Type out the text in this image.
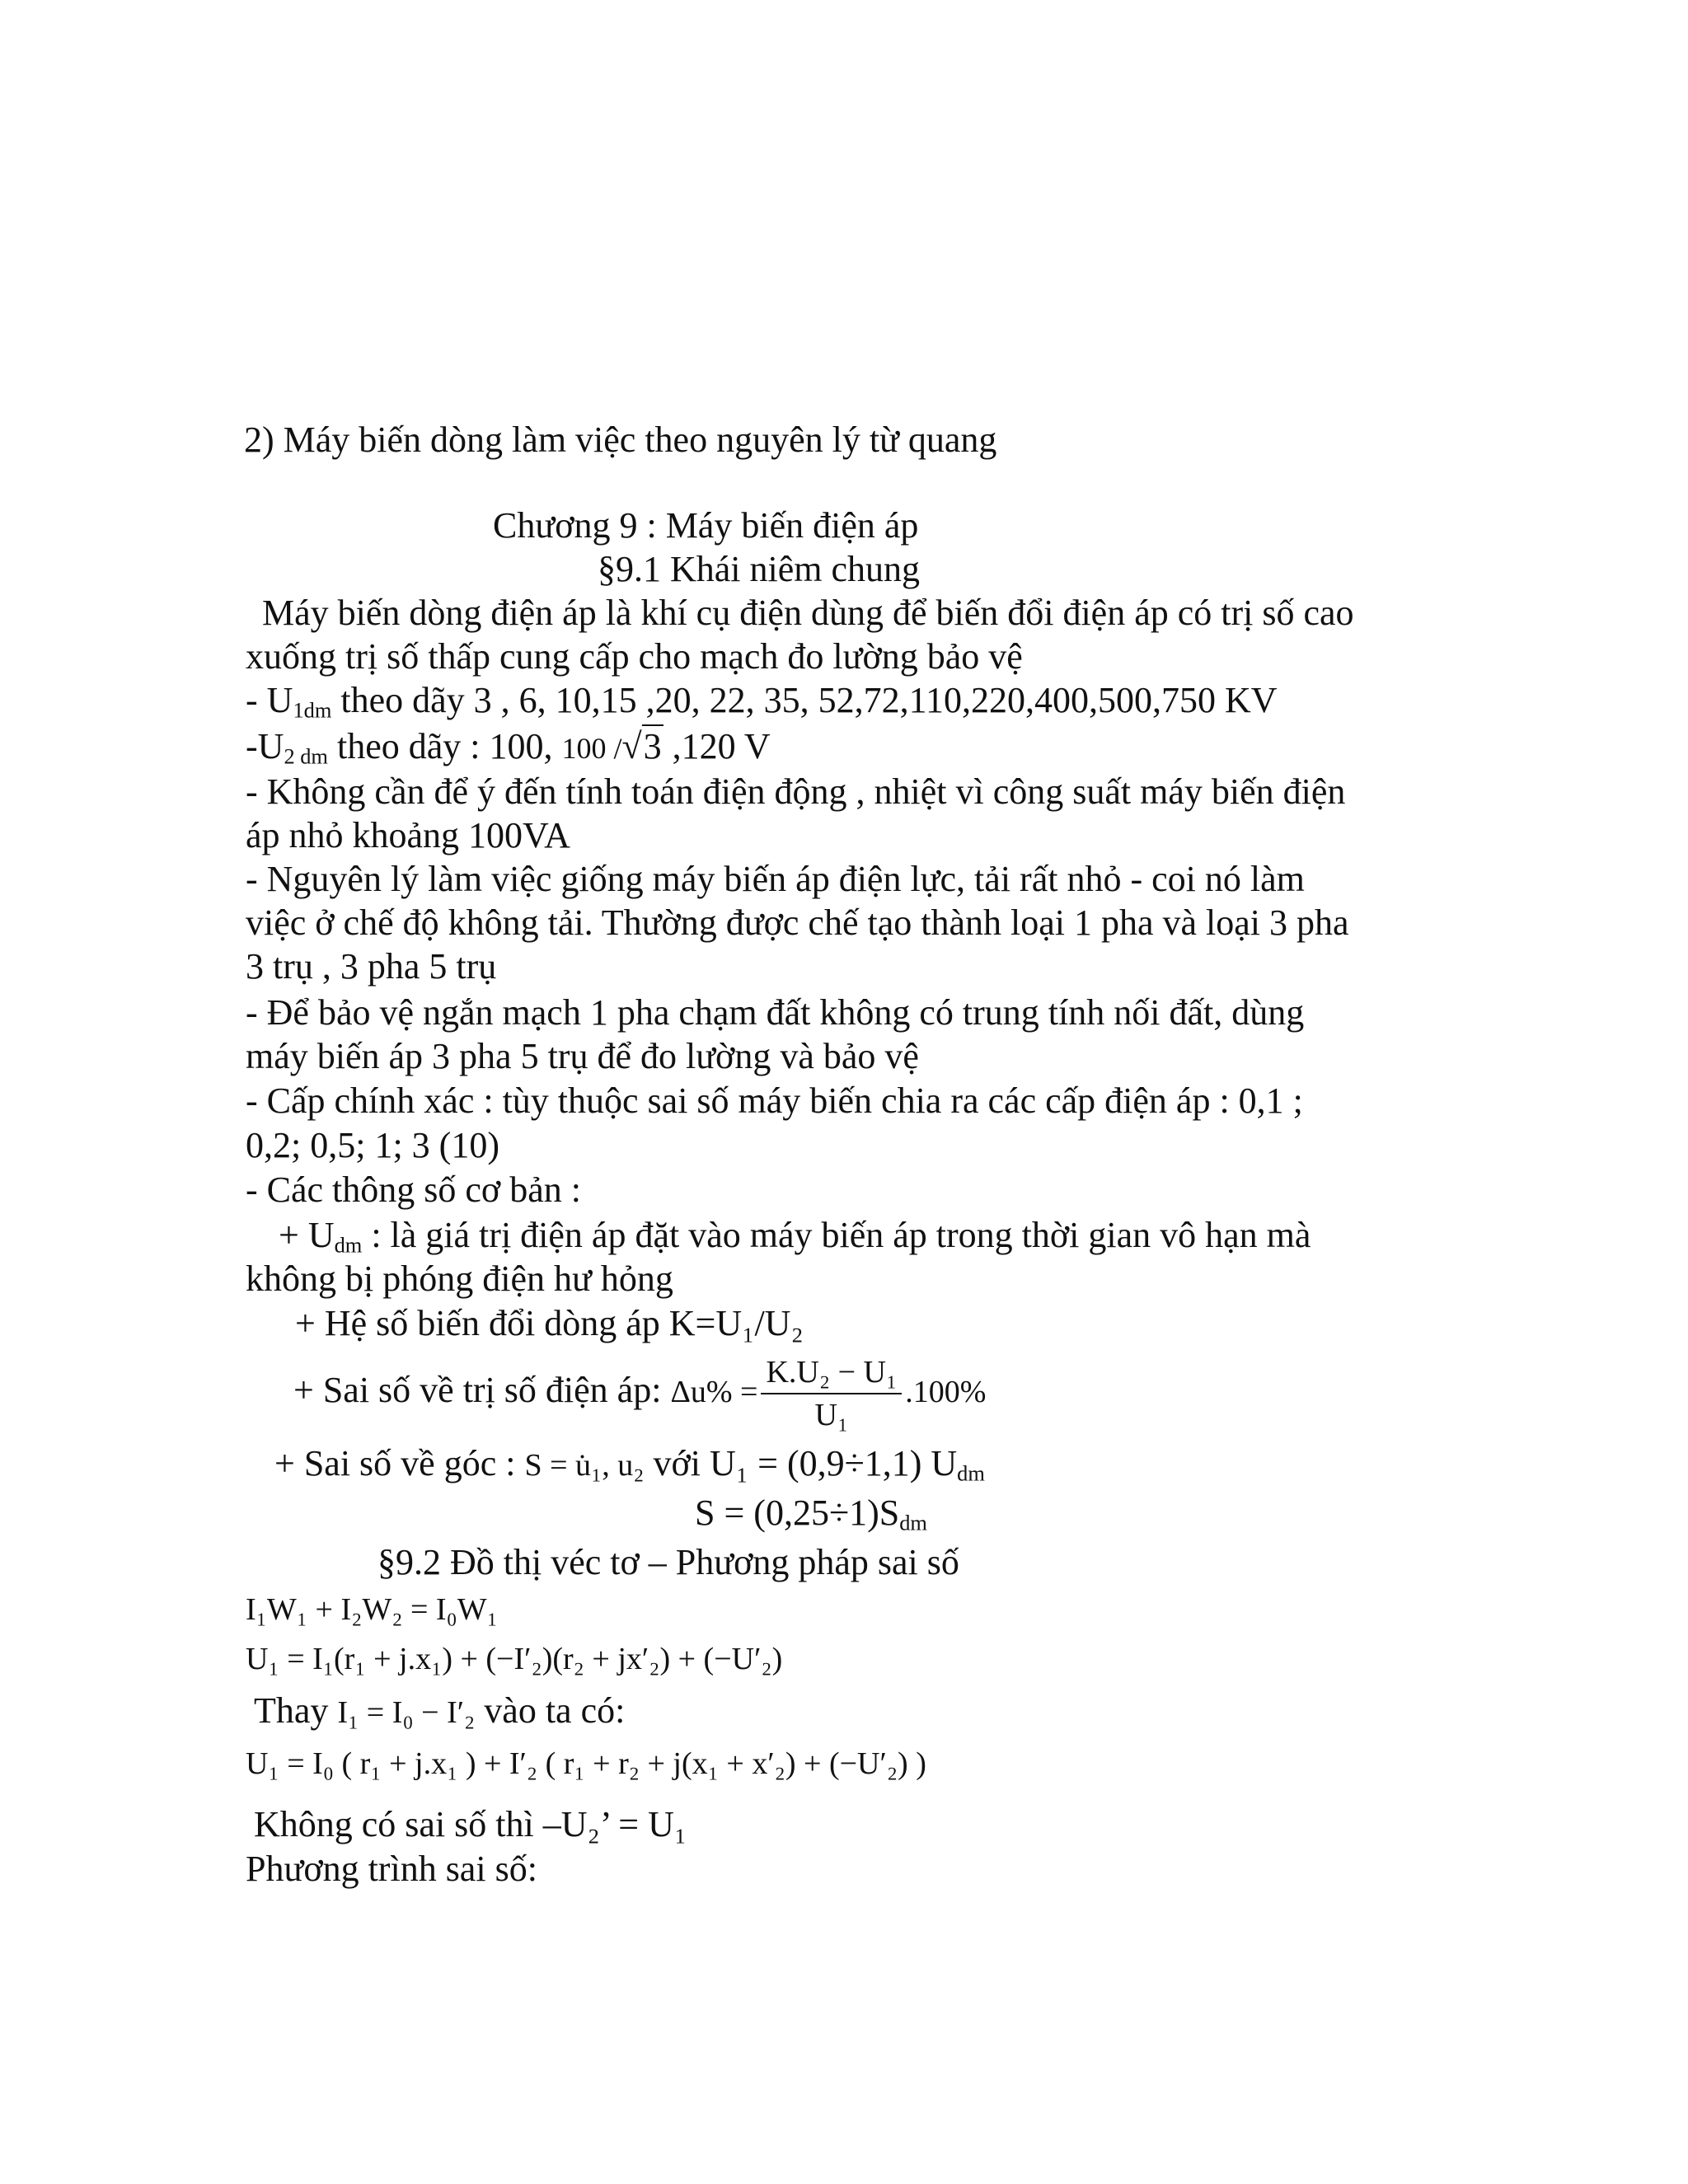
2) Máy biến dòng làm việc theo nguyên lý từ quang
Chương 9 : Máy biến điện áp
§9.1 Khái niêm chung
Máy biến dòng điện áp là khí cụ điện dùng để biến đổi điện áp có trị số cao
xuống trị số thấp cung cấp cho mạch đo lường bảo vệ
- $U_{1dm}$ theo dãy 3 , 6, 10,15 ,20, 22, 35, 52,72,110,220,400,500,750 KV
$-U_{2 dm}$ theo dãy : 100, 100 /√3 ,120 V
- Không cần để ý đến tính toán điện động , nhiệt vì công suất máy biến điện
áp nhỏ khoảng 100VA
- Nguyên lý làm việc giống máy biến áp điện lực, tải rất nhỏ - coi nó làm
việc ở chế độ không tải. Thường được chế tạo thành loại 1 pha và loại 3 pha
3 trụ , 3 pha 5 trụ
- Để bảo vệ ngắn mạch 1 pha chạm đất không có trung tính nối đất, dùng
máy biến áp 3 pha 5 trụ để đo lường và bảo vệ
- Cấp chính xác : tùy thuộc sai số máy biến chia ra các cấp điện áp : 0,1 ;
0,2; 0,5; 1; 3 (10)
- Các thông số cơ bản :
+ $U_{dm}$ : là giá trị điện áp đặt vào máy biến áp trong thời gian vô hạn mà
không bị phóng điện hư hỏng
+ Hệ số biến đổi dòng áp K=U₁/U₂
+ Sai số về trị số điện áp: $\Delta u\% = \frac{\text{K.U₂ − U₁}}{\text{U₁}} .100\%$
+ Sai số về góc : S = u̇₁, u₂ với U₁ = (0,9÷1,1) $U_{dm}$
$S = (0,25\div 1)S_{dm}$
§9.2 Đồ thị véc tơ – Phương pháp sai số
I₁W₁ + I₂W₂ = I₀W₁
U₁ = I₁(r₁ + j.x₁) + (−I′₂)(r₂ + jx′₂) + (−U′₂)
Thay I₁ = I₀ − I′₂ vào ta có:
U₁ = I₀ ( r₁ + j.x₁ ) + I′₂ ( r₁ + r₂ + j(x₁ + x′₂) + (−U′₂) )
Không có sai số thì –U₂’ = U₁
Phương trình sai số:
